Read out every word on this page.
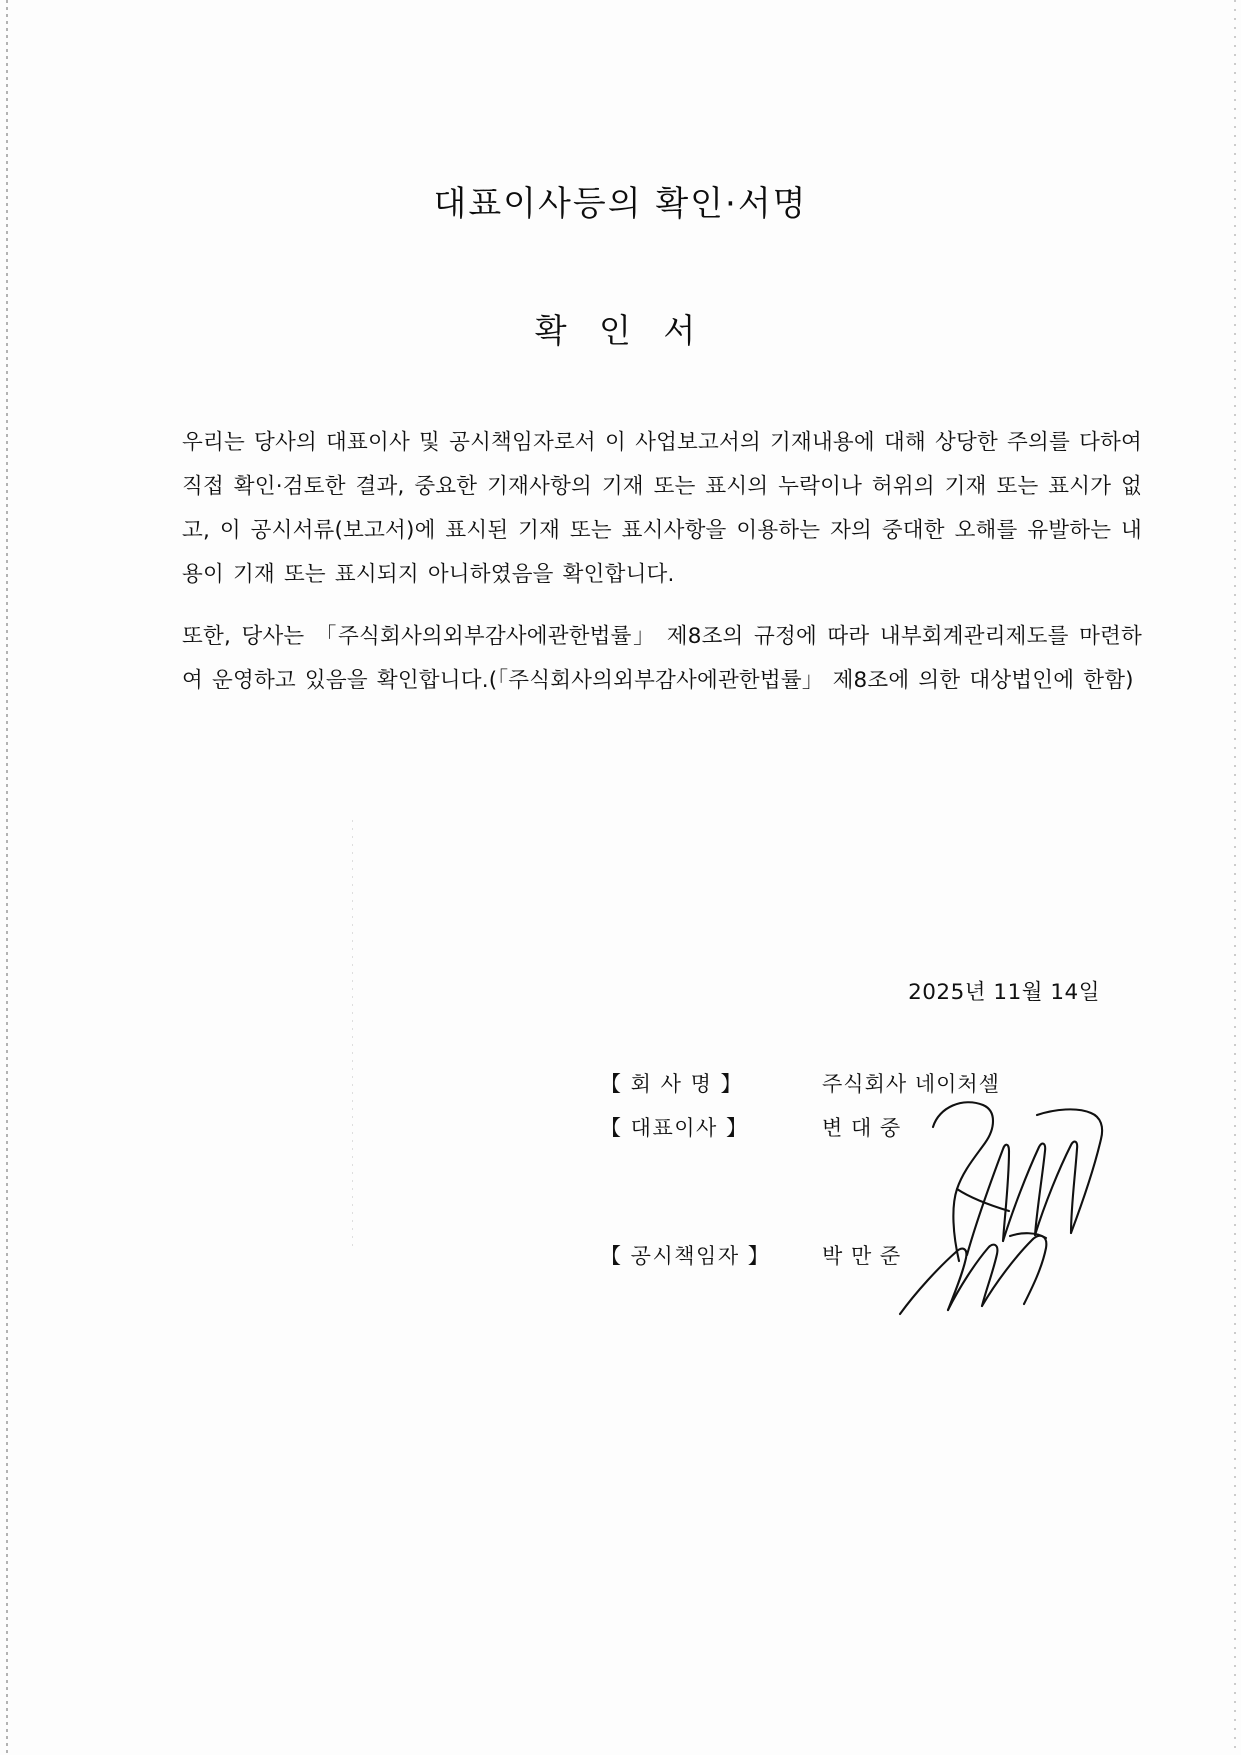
대표이사등의 확인·서명
확 인 서
우리는 당사의 대표이사 및 공시책임자로서 이 사업보고서의 기재내용에 대해 상당한 주의를 다하여 직접 확인·검토한 결과, 중요한 기재사항의 기재 또는 표시의 누락이나 허위의 기재 또는 표시가 없고, 이 공시서류(보고서)에 표시된 기재 또는 표시사항을 이용하는 자의 중대한 오해를 유발하는 내용이 기재 또는 표시되지 아니하였음을 확인합니다.
또한, 당사는 「주식회사의외부감사에관한법률」 제8조의 규정에 따라 내부회계관리제도를 마련하여 운영하고 있음을 확인합니다.(「주식회사의외부감사에관한법률」 제8조에 의한 대상법인에 한함)
2025년 11월 14일
【 회 사 명 】	주식회사 네이처셀
【 대표이사 】	변 대 중
【 공시책임자 】	박 만 준
